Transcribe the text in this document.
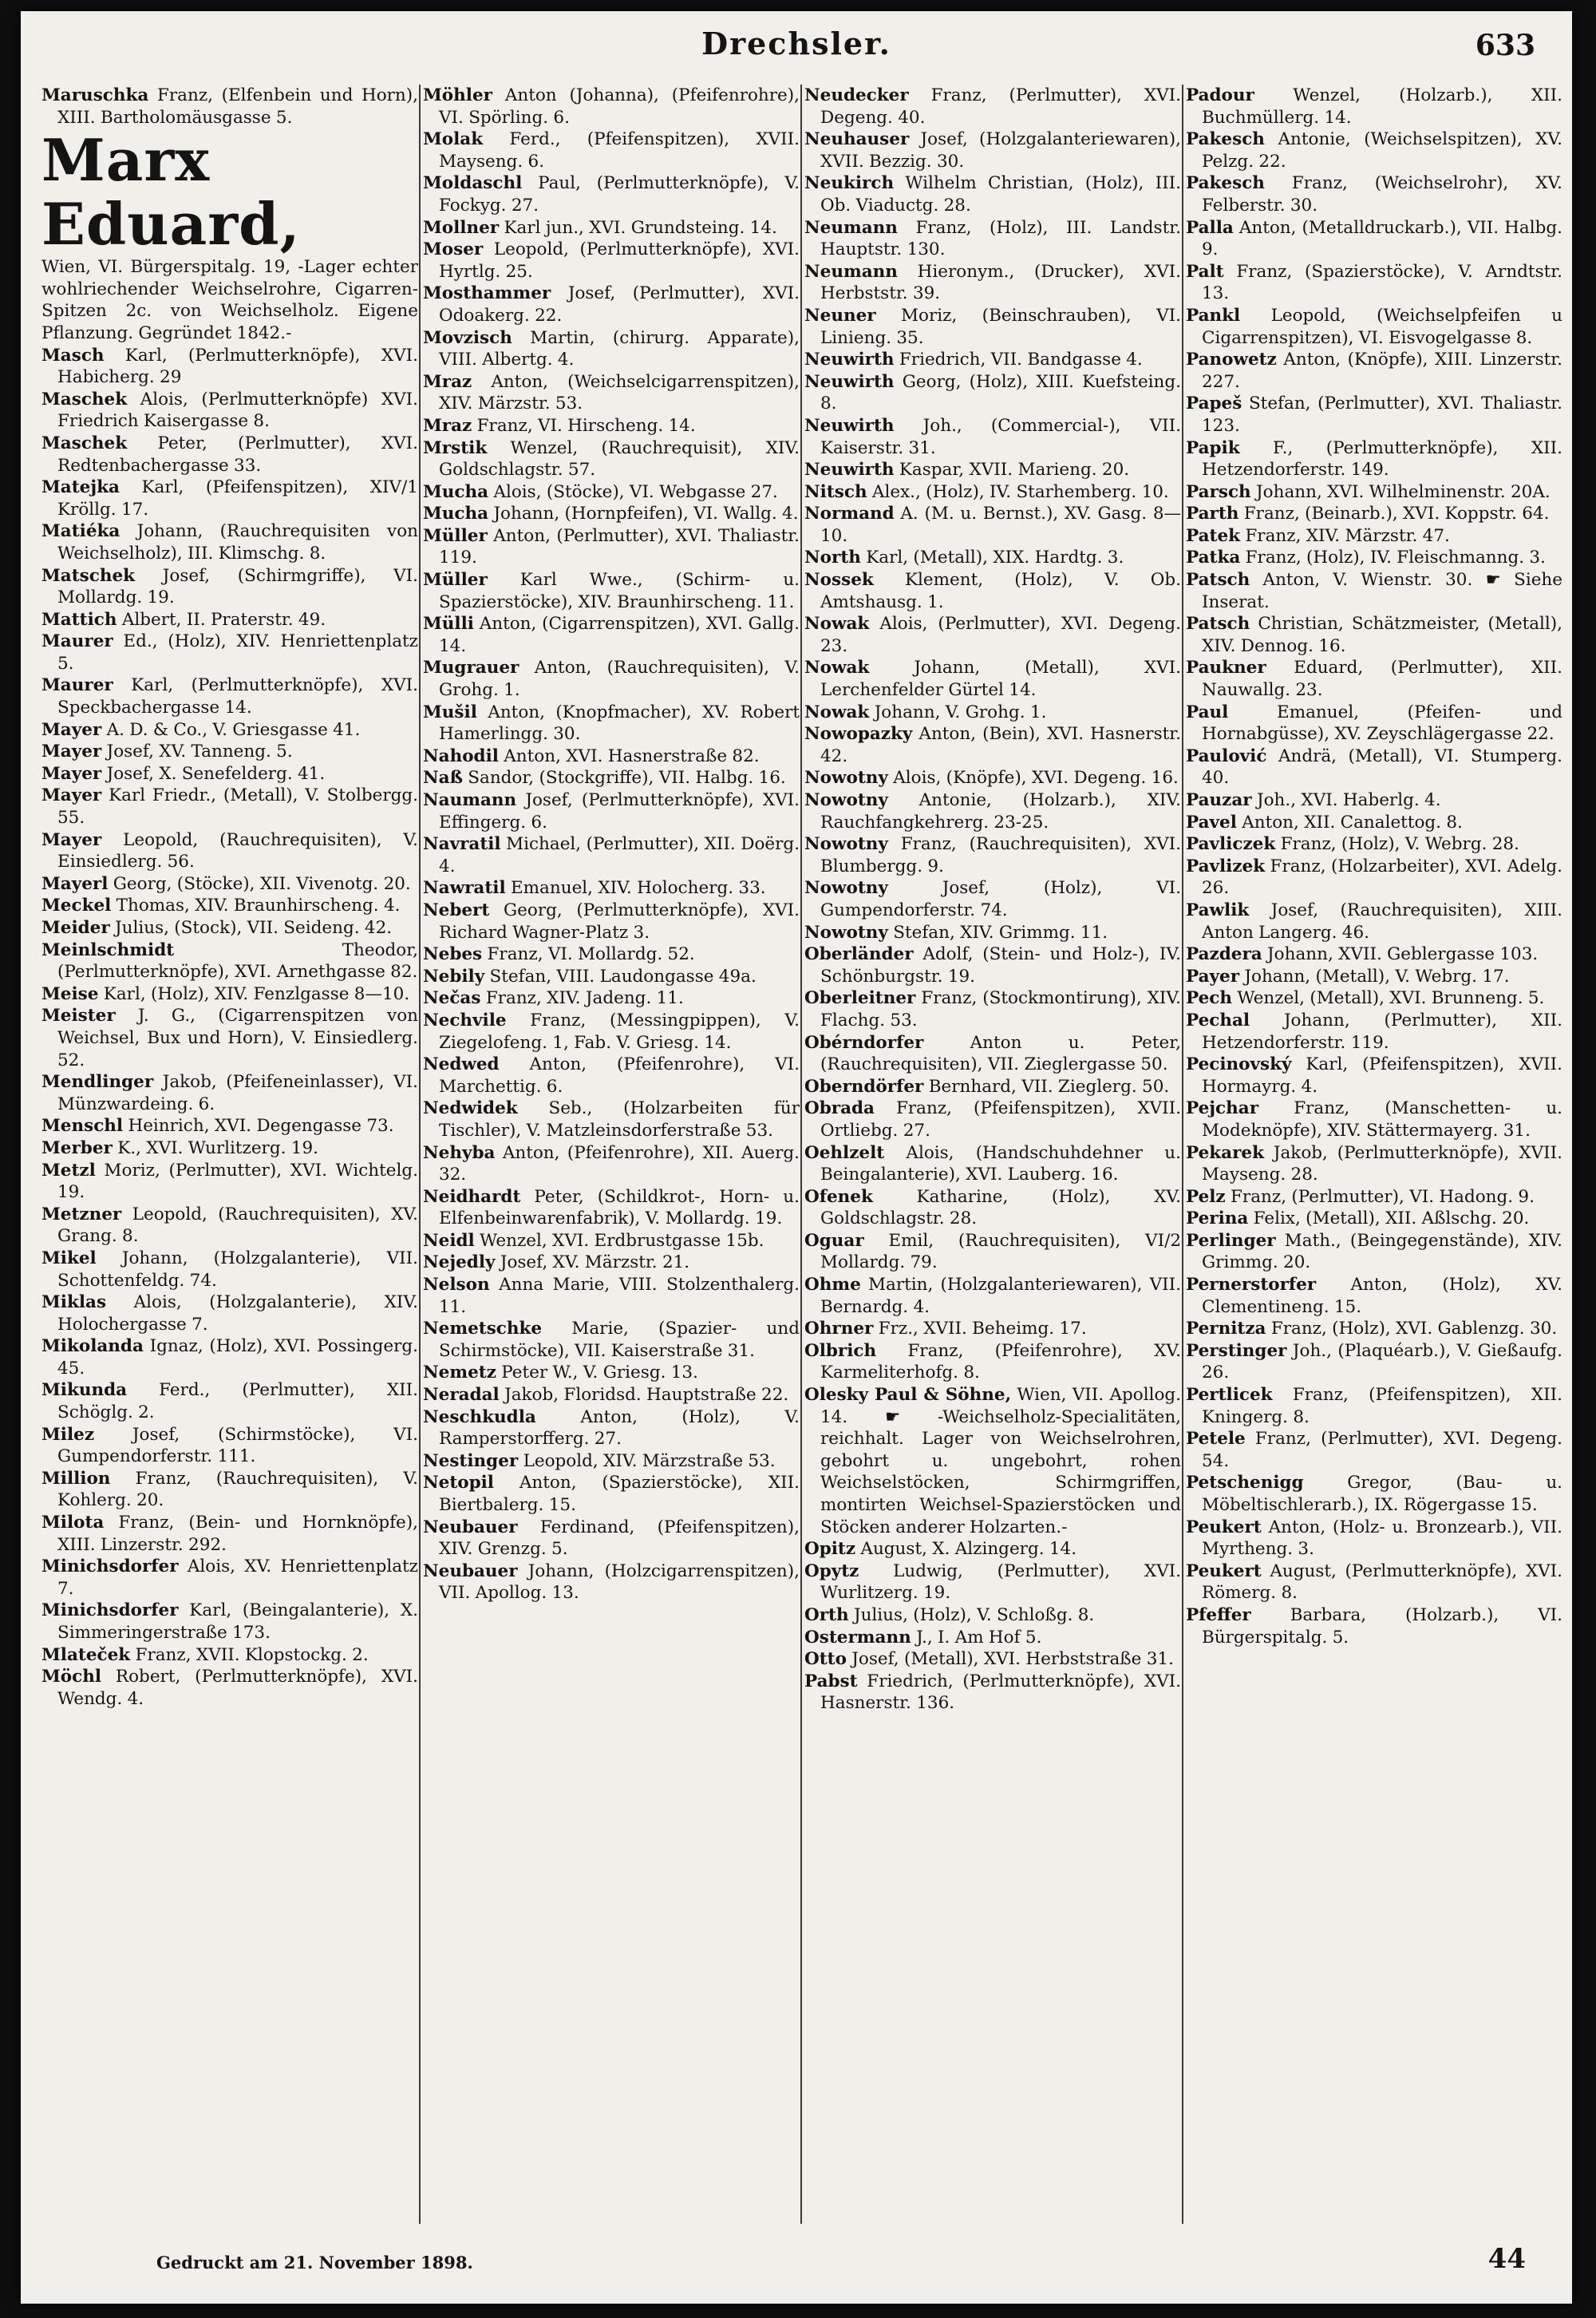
Drechsler.	633
Maruschka Franz, (Elfenbein und Horn), XIII. Bartholomäusgasse 5.
Marx Eduard,
Wien, VI. Bürgerspitalg. 19, -Lager echter wohlriechender Weichselrohre, Cigarren-Spitzen 2c. von Weichselholz. Eigene Pflanzung. Gegründet 1842.-
Masch Karl, (Perlmutterknöpfe), XVI. Habicherg. 29
Maschek Alois, (Perlmutterknöpfe) XVI. Friedrich Kaisergasse 8.
Maschek Peter, (Perlmutter), XVI. Redtenbachergasse 33.
Matejka Karl, (Pfeifenspitzen), XIV/1 Kröllg. 17.
Matiéka Johann, (Rauchrequisiten von Weichselholz), III. Klimschg. 8.
Matschek Josef, (Schirmgriffe), VI. Mollardg. 19.
Mattich Albert, II. Praterstr. 49.
Maurer Ed., (Holz), XIV. Henriettenplatz 5.
Maurer Karl, (Perlmutterknöpfe), XVI. Speckbachergasse 14.
Mayer A. D. & Co., V. Griesgasse 41.
Mayer Josef, XV. Tanneng. 5.
Mayer Josef, X. Senefelderg. 41.
Mayer Karl Friedr., (Metall), V. Stolbergg. 55.
Mayer Leopold, (Rauchrequisiten), V. Einsiedlerg. 56.
Mayerl Georg, (Stöcke), XII. Vivenotg. 20.
Meckel Thomas, XIV. Braunhirscheng. 4.
Meider Julius, (Stock), VII. Seideng. 42.
Meinlschmidt	Theodor, (Perlmutterknöpfe), XVI. Arnethgasse 82.
Meise Karl, (Holz), XIV. Fenzlgasse 8—10.
Meister J. G., (Cigarrenspitzen von Weichsel, Bux und Horn), V. Einsiedlerg. 52.
Mendlinger Jakob, (Pfeifeneinlasser), VI. Münzwardeing. 6.
Menschl Heinrich, XVI. Degengasse 73.
Merber K., XVI. Wurlitzerg. 19.
Metzl Moriz, (Perlmutter), XVI. Wichtelg. 19.
Metzner Leopold, (Rauchrequisiten), XV. Grang. 8.
Mikel Johann, (Holzgalanterie), VII. Schottenfeldg. 74.
Miklas Alois, (Holzgalanterie), XIV. Holochergasse 7.
Mikolanda Ignaz, (Holz), XVI. Possingerg. 45.
Mikunda Ferd., (Perlmutter), XII. Schöglg. 2.
Milez Josef, (Schirmstöcke), VI. Gumpendorferstr. 111.
Million Franz, (Rauchrequisiten), V. Kohlerg. 20.
Milota Franz, (Bein- und Hornknöpfe), XIII. Linzerstr. 292.
Minichsdorfer Alois, XV. Henriettenplatz 7.
Minichsdorfer Karl, (Beingalanterie), X. Simmeringerstraße 173.
Mlateček Franz, XVII. Klopstockg. 2.
Möchl Robert, (Perlmutterknöpfe), XVI. Wendg. 4.
Möhler Anton (Johanna), (Pfeifenrohre), VI. Spörling. 6.
Molak Ferd., (Pfeifenspitzen), XVII. Mayseng. 6.
Moldaschl Paul, (Perlmutterknöpfe), V. Fockyg. 27.
Mollner Karl jun., XVI. Grundsteing. 14.
Moser Leopold, (Perlmutterknöpfe), XVI. Hyrtlg. 25.
Mosthammer Josef, (Perlmutter), XVI. Odoakerg. 22.
Movzisch Martin, (chirurg. Apparate), VIII. Albertg. 4.
Mraz Anton, (Weichselcigarrenspitzen), XIV. Märzstr. 53.
Mraz Franz, VI. Hirscheng. 14.
Mrstik Wenzel, (Rauchrequisit), XIV. Goldschlagstr. 57.
Mucha Alois, (Stöcke), VI. Webgasse 27.
Mucha Johann, (Hornpfeifen), VI. Wallg. 4.
Müller Anton, (Perlmutter), XVI. Thaliastr. 119.
Müller Karl Wwe., (Schirm- u. Spazierstöcke), XIV. Braunhirscheng. 11.
Mülli Anton, (Cigarrenspitzen), XVI. Gallg. 14.
Mugrauer Anton, (Rauchrequisiten), V. Grohg. 1.
Mušil Anton, (Knopfmacher), XV. Robert Hamerlingg. 30.
Nahodil Anton, XVI. Hasnerstraße 82.
Naß Sandor, (Stockgriffe), VII. Halbg. 16.
Naumann Josef, (Perlmutterknöpfe), XVI. Effingerg. 6.
Navratil Michael, (Perlmutter), XII. Doërg. 4.
Nawratil Emanuel, XIV. Holocherg. 33.
Nebert Georg, (Perlmutterknöpfe), XVI. Richard Wagner-Platz 3.
Nebes Franz, VI. Mollardg. 52.
Nebily Stefan, VIII. Laudongasse 49a.
Nečas Franz, XIV. Jadeng. 11.
Nechvile Franz, (Messingpippen), V. Ziegelofeng. 1, Fab. V. Griesg. 14.
Nedwed Anton, (Pfeifenrohre), VI. Marchettig. 6.
Nedwidek Seb., (Holzarbeiten für Tischler), V. Matzleinsdorferstraße 53.
Nehyba Anton, (Pfeifenrohre), XII. Auerg. 32.
Neidhardt Peter, (Schildkrot-, Horn- u. Elfenbeinwarenfabrik), V. Mollardg. 19.
Neidl Wenzel, XVI. Erdbrustgasse 15b.
Nejedly Josef, XV. Märzstr. 21.
Nelson Anna Marie, VIII. Stolzenthalerg. 11.
Nemetschke Marie, (Spazier- und Schirmstöcke), VII. Kaiserstraße 31.
Nemetz Peter W., V. Griesg. 13.
Neradal Jakob, Floridsd. Hauptstraße 22.
Neschkudla	Anton, (Holz), V. Ramperstorfferg. 27.
Nestinger Leopold, XIV. Märzstraße 53.
Netopil Anton, (Spazierstöcke), XII. Biertbalerg. 15.
Neubauer Ferdinand, (Pfeifenspitzen), XIV. Grenzg. 5.
Neubauer Johann, (Holzcigarrenspitzen), VII. Apollog. 13.
Neudecker Franz, (Perlmutter), XVI. Degeng. 40.
Neuhauser Josef, (Holzgalanteriewaren), XVII. Bezzig. 30.
Neukirch Wilhelm Christian, (Holz), III. Ob. Viaductg. 28.
Neumann Franz, (Holz), III. Landstr. Hauptstr. 130.
Neumann Hieronym., (Drucker), XVI. Herbststr. 39.
Neuner Moriz, (Beinschrauben), VI. Linieng. 35.
Neuwirth Friedrich, VII. Bandgasse 4.
Neuwirth Georg, (Holz), XIII. Kuefsteing. 8.
Neuwirth Joh., (Commercial-), VII. Kaiserstr. 31.
Neuwirth Kaspar, XVII. Marieng. 20.
Nitsch Alex., (Holz), IV. Starhemberg. 10.
Normand A. (M. u. Bernst.), XV. Gasg. 8—10.
North Karl, (Metall), XIX. Hardtg. 3.
Nossek Klement, (Holz), V. Ob. Amtshausg. 1.
Nowak Alois, (Perlmutter), XVI. Degeng. 23.
Nowak	Johann, (Metall), XVI. Lerchenfelder Gürtel 14.
Nowak Johann, V. Grohg. 1.
Nowopazky Anton, (Bein), XVI. Hasnerstr. 42.
Nowotny Alois, (Knöpfe), XVI. Degeng. 16.
Nowotny Antonie, (Holzarb.), XIV. Rauchfangkehrerg. 23-25.
Nowotny Franz, (Rauchrequisiten), XVI. Blumbergg. 9.
Nowotny	Josef, (Holz), VI. Gumpendorferstr. 74.
Nowotny Stefan, XIV. Grimmg. 11.
Oberländer Adolf, (Stein- und Holz-), IV. Schönburgstr. 19.
Oberleitner Franz, (Stockmontirung), XIV. Flachg. 53.
Obérndorfer	Anton u. Peter, (Rauchrequisiten), VII. Zieglergasse 50.
Oberndörfer Bernhard, VII. Zieglerg. 50.
Obrada Franz, (Pfeifenspitzen), XVII. Ortliebg. 27.
Oehlzelt Alois, (Handschuhdehner u. Beingalanterie), XVI. Lauberg. 16.
Ofenek	Katharine, (Holz), XV. Goldschlagstr. 28.
Oguar Emil, (Rauchrequisiten), VI/2 Mollardg. 79.
Ohme Martin, (Holzgalanteriewaren), VII. Bernardg. 4.
Ohrner Frz., XVII. Beheimg. 17.
Olbrich Franz, (Pfeifenrohre), XV. Karmeliterhofg. 8.
Olesky Paul & Söhne, Wien, VII. Apollog. 14. ☛ -Weichselholz-Specialitäten, reichhalt. Lager von Weichselrohren, gebohrt u. ungebohrt, rohen Weichselstöcken, Schirmgriffen, montirten Weichsel-Spazierstöcken und Stöcken anderer Holzarten.-
Opitz August, X. Alzingerg. 14.
Opytz Ludwig, (Perlmutter), XVI. Wurlitzerg. 19.
Orth Julius, (Holz), V. Schloßg. 8.
Ostermann J., I. Am Hof 5.
Otto Josef, (Metall), XVI. Herbststraße 31.
Pabst Friedrich, (Perlmutterknöpfe), XVI. Hasnerstr. 136.
Padour Wenzel, (Holzarb.), XII. Buchmüllerg. 14.
Pakesch Antonie, (Weichselspitzen), XV. Pelzg. 22.
Pakesch Franz, (Weichselrohr), XV. Felberstr. 30.
Palla Anton, (Metalldruckarb.), VII. Halbg. 9.
Palt Franz, (Spazierstöcke), V. Arndtstr. 13.
Pankl Leopold, (Weichselpfeifen u Cigarrenspitzen), VI. Eisvogelgasse 8.
Panowetz Anton, (Knöpfe), XIII. Linzerstr. 227.
Papeš Stefan, (Perlmutter), XVI. Thaliastr. 123.
Papik F., (Perlmutterknöpfe), XII. Hetzendorferstr. 149.
Parsch Johann, XVI. Wilhelminenstr. 20A.
Parth Franz, (Beinarb.), XVI. Koppstr. 64.
Patek Franz, XIV. Märzstr. 47.
Patka Franz, (Holz), IV. Fleischmanng. 3.
Patsch Anton, V. Wienstr. 30. ☛ Siehe Inserat.
Patsch Christian, Schätzmeister, (Metall), XIV. Dennog. 16.
Paukner Eduard, (Perlmutter), XII. Nauwallg. 23.
Paul	Emanuel, (Pfeifen- und Hornabgüsse), XV. Zeyschlägergasse 22.
Paulović Andrä, (Metall), VI. Stumperg. 40.
Pauzar Joh., XVI. Haberlg. 4.
Pavel Anton, XII. Canalettog. 8.
Pavliczek Franz, (Holz), V. Webrg. 28.
Pavlizek Franz, (Holzarbeiter), XVI. Adelg. 26.
Pawlik Josef, (Rauchrequisiten), XIII. Anton Langerg. 46.
Pazdera Johann, XVII. Geblergasse 103.
Payer Johann, (Metall), V. Webrg. 17.
Pech Wenzel, (Metall), XVI. Brunneng. 5.
Pechal Johann, (Perlmutter), XII. Hetzendorferstr. 119.
Pecinovský Karl, (Pfeifenspitzen), XVII. Hormayrg. 4.
Pejchar Franz, (Manschetten- u. Modeknöpfe), XIV. Stättermayerg. 31.
Pekarek Jakob, (Perlmutterknöpfe), XVII. Mayseng. 28.
Pelz Franz, (Perlmutter), VI. Hadong. 9.
Perina Felix, (Metall), XII. Aßlschg. 20.
Perlinger Math., (Beingegenstände), XIV. Grimmg. 20.
Pernerstorfer Anton, (Holz), XV. Clementineng. 15.
Pernitza Franz, (Holz), XVI. Gablenzg. 30.
Perstinger Joh., (Plaquéarb.), V. Gießaufg. 26.
Pertlicek Franz, (Pfeifenspitzen), XII. Kningerg. 8.
Petele Franz, (Perlmutter), XVI. Degeng. 54.
Petschenigg	Gregor, (Bau- u. Möbeltischlerarb.), IX. Rögergasse 15.
Peukert Anton, (Holz- u. Bronzearb.), VII. Myrtheng. 3.
Peukert August, (Perlmutterknöpfe), XVI. Römerg. 8.
Pfeffer Barbara, (Holzarb.), VI. Bürgerspitalg. 5.
Gedruckt am 21. November 1898.	44
